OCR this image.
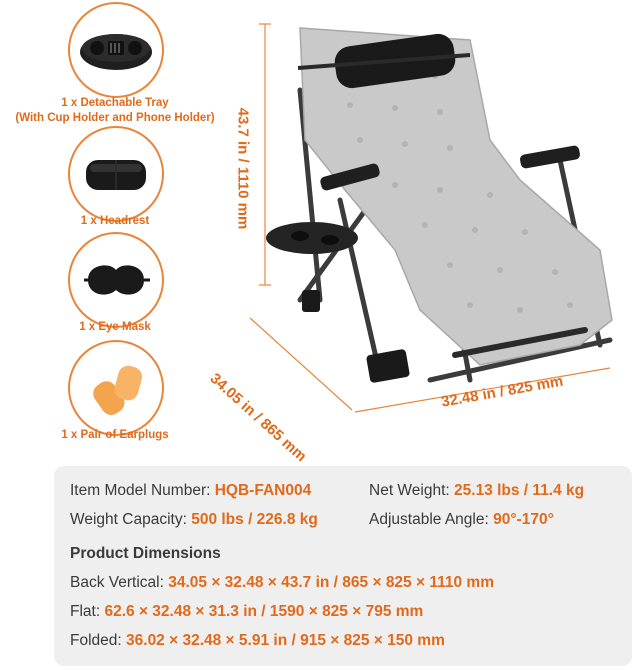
1 x Detachable Tray
(With Cup Holder and Phone Holder)
1 x Headrest
1 x Eye Mask
1 x Pair of Earplugs
43.7 in / 1110 mm
34.05 in / 865 mm	32.48 in / 825 mm
Item Model Number: HQB-FAN004	Net Weight: 25.13 lbs / 11.4 kg
Weight Capacity: 500 lbs / 226.8 kg	Adjustable Angle: 90°-170°
Product Dimensions
Back Vertical: 34.05 × 32.48 × 43.7 in / 865 × 825 × 1110 mm
Flat: 62.6 × 32.48 × 31.3 in / 1590 × 825 × 795 mm
Folded: 36.02 × 32.48 × 5.91 in / 915 × 825 × 150 mm
